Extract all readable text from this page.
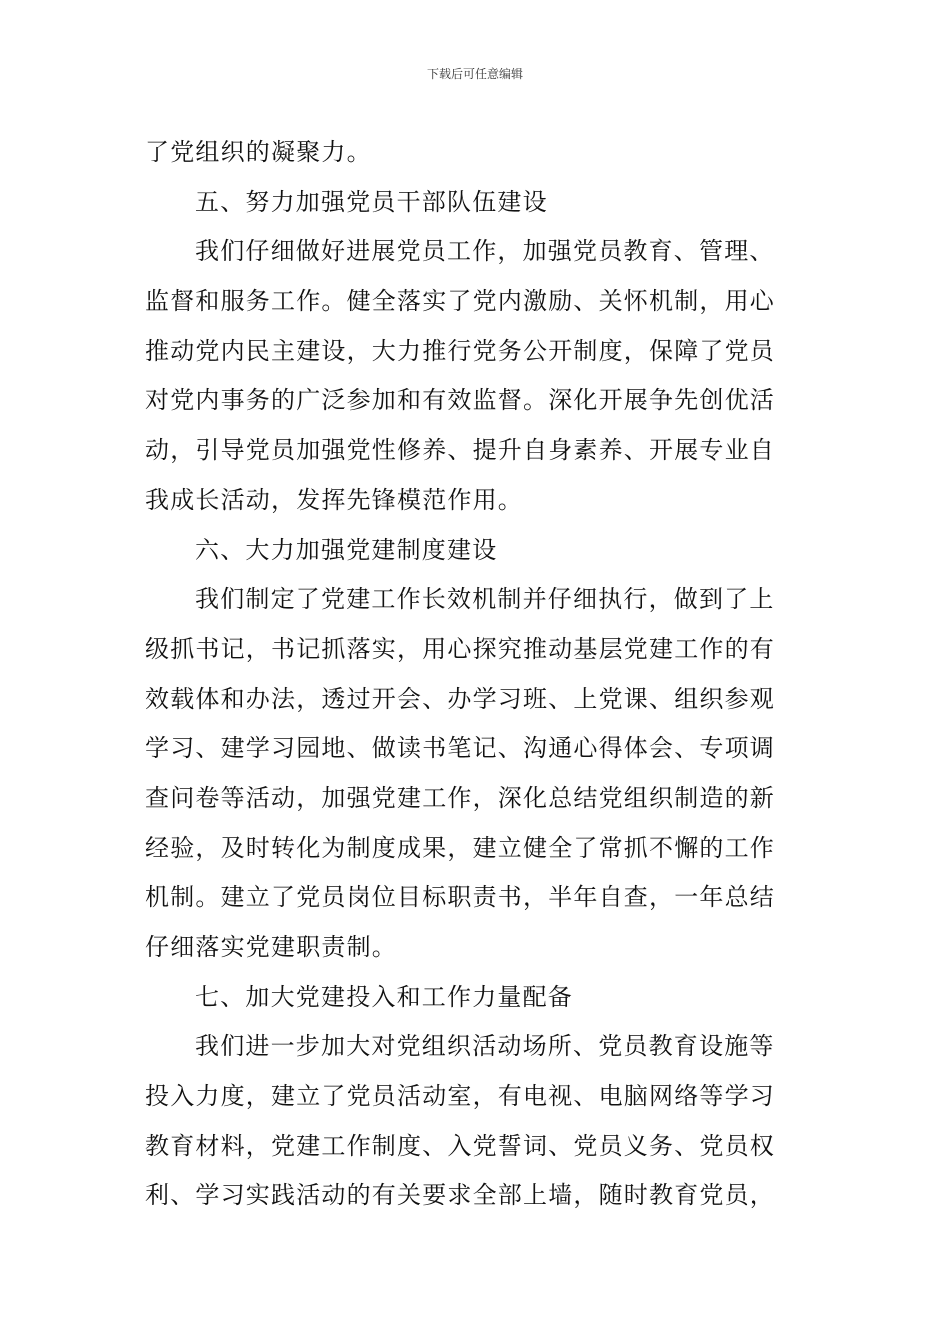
下载后可任意编辑
了党组织的凝聚力。
五、努力加强党员干部队伍建设
我们仔细做好进展党员工作，加强党员教育、管理、
监督和服务工作。健全落实了党内激励、关怀机制，用心
推动党内民主建设，大力推行党务公开制度，保障了党员
对党内事务的广泛参加和有效监督。深化开展争先创优活
动，引导党员加强党性修养、提升自身素养、开展专业自
我成长活动，发挥先锋模范作用。
六、大力加强党建制度建设
我们制定了党建工作长效机制并仔细执行，做到了上
级抓书记，书记抓落实，用心探究推动基层党建工作的有
效载体和办法，透过开会、办学习班、上党课、组织参观
学习、建学习园地、做读书笔记、沟通心得体会、专项调
查问卷等活动，加强党建工作，深化总结党组织制造的新
经验，及时转化为制度成果，建立健全了常抓不懈的工作
机制。建立了党员岗位目标职责书，半年自查，一年总结
仔细落实党建职责制。
七、加大党建投入和工作力量配备
我们进一步加大对党组织活动场所、党员教育设施等
投入力度，建立了党员活动室，有电视、电脑网络等学习
教育材料，党建工作制度、入党誓词、党员义务、党员权
利、学习实践活动的有关要求全部上墙，随时教育党员，
